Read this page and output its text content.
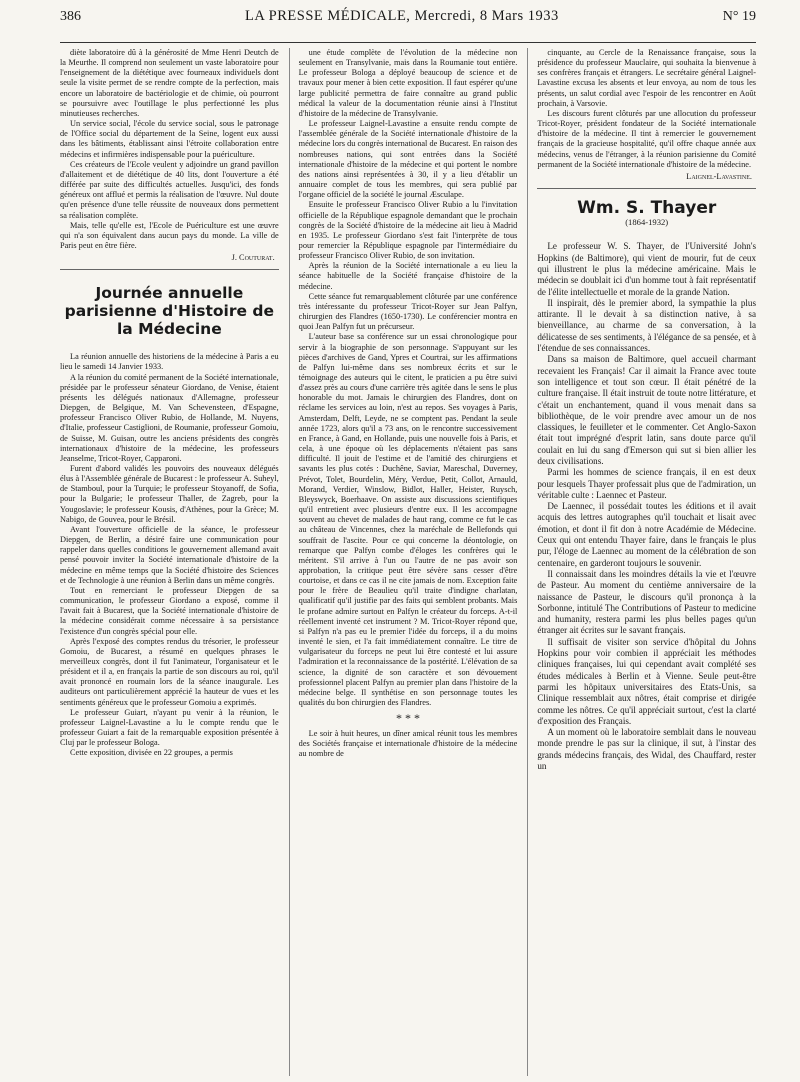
386	LA PRESSE MÉDICALE, Mercredi, 8 Mars 1933	N° 19

diète laboratoire dû à la générosité de Mme Henri Deutch de la Meurthe. Il comprend non seulement un vaste laboratoire pour l'enseignement de la diététique avec fourneaux individuels dont seule la visite permet de se rendre compte de la perfection, mais encore un laboratoire de bactériologie et de chimie, où pourront se poursuivre avec l'outillage le plus perfectionné les plus minutieuses recherches.

Un service social, l'école du service social, sous le patronage de l'Office social du département de la Seine, logent eux aussi dans les bâtiments, établissant ainsi l'étroite collaboration entre médecins et infirmières indispensable pour la puériculture.

Ces créateurs de l'Ecole veulent y adjoindre un grand pavillon d'allaitement et de diététique de 40 lits, dont l'ouverture a été différée par suite des difficultés actuelles. Jusqu'ici, des fonds généreux ont afflué et permis la réalisation de l'œuvre. Nul doute qu'en présence d'une telle réussite de nouveaux dons permettent sa réalisation complète.

Mais, telle qu'elle est, l'Ecole de Puériculture est une œuvre qui n'a son équivalent dans aucun pays du monde. La ville de Paris peut en être fière.

J. Couturat.

Journée annuelle parisienne d'Histoire de la Médecine

La réunion annuelle des historiens de la médecine à Paris a eu lieu le samedi 14 Janvier 1933.

A la réunion du comité permanent de la Société internationale, présidée par le professeur sénateur Giordano, de Venise, étaient présents les délégués nationaux d'Allemagne, professeur Diepgen, de Belgique, M. Van Schevensteen, d'Espagne, professeur Francisco Oliver Rubio, de Hollande, M. Nuyens, d'Italie, professeur Castiglioni, de Roumanie, professeur Gomoiu, de Suisse, M. Guisan, outre les anciens présidents des congrès internationaux d'histoire de la médecine, les professeurs Jeanselme, Tricot-Royer, Capparoni.

Furent d'abord validés les pouvoirs des nouveaux délégués élus à l'Assemblée générale de Bucarest : le professeur A. Suheyl, de Stamboul, pour la Turquie; le professeur Stoyanoff, de Sofia, pour la Bulgarie; le professeur Thaller, de Zagreb, pour la Yougoslavie; le professeur Kousis, d'Athènes, pour la Grèce; M. Nabigo, de Gouvea, pour le Brésil.

Avant l'ouverture officielle de la séance, le professeur Diepgen, de Berlin, a désiré faire une communication pour rappeler dans quelles conditions le gouvernement allemand avait pensé pouvoir inviter la Société internationale d'histoire de la médecine en même temps que la Société d'histoire des Sciences et de Technologie à une réunion à Berlin dans un même congrès.

Tout en remerciant le professeur Diepgen de sa communication, le professeur Giordano a exposé, comme il l'avait fait à Bucarest, que la Société internationale d'histoire de la médecine considérait comme nécessaire à sa persistance l'existence d'un congrès spécial pour elle.

Après l'exposé des comptes rendus du trésorier, le professeur Gomoiu, de Bucarest, a résumé en quelques phrases le merveilleux congrès, dont il fut l'animateur, l'organisateur et le président et il a, en français la partie de son discours au roi, qu'il avait prononcé en roumain lors de la séance inaugurale. Les auditeurs ont particulièrement apprécié la hauteur de vues et les sentiments généreux que le professeur Gomoiu a exprimés.

Le professeur Guiart, n'ayant pu venir à la réunion, le professeur Laignel-Lavastine a lu le compte rendu que le professeur Guiart a fait de la remarquable exposition présentée à Cluj par le professeur Bologa.

Cette exposition, divisée en 22 groupes, a permis

une étude complète de l'évolution de la médecine non seulement en Transylvanie, mais dans la Roumanie tout entière. Le professeur Bologa a déployé beaucoup de science et de travaux pour mener à bien cette exposition. Il faut espérer qu'une large publicité permettra de faire connaître au grand public médical la valeur de la documentation réunie ainsi à l'Institut d'histoire de la médecine de Transylvanie.

Le professeur Laignel-Lavastine a ensuite rendu compte de l'assemblée générale de la Société internationale d'histoire de la médecine lors du congrès international de Bucarest. En raison des nombreuses nations, qui sont entrées dans la Société internationale d'histoire de la médecine et qui portent le nombre des nations ainsi représentées à 30, il y a lieu d'établir un annuaire complet de tous les membres, qui sera publié par l'organe officiel de la société le journal Æsculape.

Ensuite le professeur Francisco Oliver Rubio a lu l'invitation officielle de la République espagnole demandant que le prochain congrès de la Société d'histoire de la médecine ait lieu à Madrid en 1935. Le professeur Giordano s'est fait l'interprète de tous pour remercier la République espagnole par l'intermédiaire du professeur Francisco Oliver Rubio, de son invitation.

Après la réunion de la Société internationale a eu lieu la séance habituelle de la Société française d'histoire de la médecine.

Cette séance fut remarquablement clôturée par une conférence très intéressante du professeur Tricot-Royer sur Jean Palfyn, chirurgien des Flandres (1650-1730). Le conférencier montra en quoi Jean Palfyn fut un précurseur.

L'auteur base sa conférence sur un essai chronologique pour servir à la biographie de son personnage. S'appuyant sur les pièces d'archives de Gand, Ypres et Courtrai, sur les affirmations de Palfyn lui-même dans ses nombreux écrits et sur le témoignage des auteurs qui le citent, le praticien a pu être suivi d'assez près au cours d'une carrière très agitée dans le sens le plus honorable du mot. Jamais le chirurgien des Flandres, dont on réclame les services au loin, n'est au repos. Ses voyages à Paris, Amsterdam, Delft, Leyde, ne se comptent pas. Pendant la seule année 1723, alors qu'il a 73 ans, on le rencontre successivement en France, à Gand, en Hollande, puis une nouvelle fois à Paris, et cela, à une époque où les déplacements n'étaient pas sans difficulté. Il jouit de l'estime et de l'amitié des chirurgiens et savants les plus cotés : Duchêne, Saviar, Mareschal, Duverney, Prévot, Tolet, Bourdelin, Méry, Verdue, Petit, Collot, Arnauld, Morand, Verdier, Winslow, Bidlot, Haller, Heister, Ruysch, Bleyswyck, Boerhaave. On assiste aux discussions scientifiques qu'il entretient avec plusieurs d'entre eux. Il les accompagne souvent au chevet de malades de haut rang, comme ce fut le cas au château de Vincennes, chez la maréchale de Bellefonds qui souffrait de l'ascite. Pour ce qui concerne la déontologie, on remarque que Palfyn combe d'éloges les confrères qui le méritent. S'il arrive à l'un ou l'autre de ne pas avoir son approbation, la critique peut être sévère sans cesser d'être courtoise, et dans ce cas il ne cite jamais de nom. Exception faite pour le frère de Beaulieu qu'il traite d'indigne charlatan, qualificatif qu'il justifie par des faits qui semblent probants. Mais le profane admire surtout en Palfyn le créateur du forceps. A-t-il réellement inventé cet instrument ? M. Tricot-Royer répond que, si Palfyn n'a pas eu le premier l'idée du forceps, il a du moins inventé le sien, et l'a fait immédiatement connaître. Le titre de vulgarisateur du forceps ne peut lui être contesté et lui assure l'admiration et la reconnaissance de la postérité. L'élévation de sa science, la dignité de son caractère et son dévouement professionnel placent Palfyn au premier plan dans l'histoire de la médecine belge. Il synthétise en son personnage toutes les qualités du bon chirurgien des Flandres.

* * *

Le soir à huit heures, un dîner amical réunit tous les membres des Sociétés française et internationale d'histoire de la médecine au nombre de

cinquante, au Cercle de la Renaissance française, sous la présidence du professeur Mauclaire, qui souhaita la bienvenue à ses confrères français et étrangers. Le secrétaire général Laignel-Lavastine excusa les absents et leur envoya, au nom de tous les présents, un salut cordial avec l'espoir de les rencontrer en Août prochain, à Varsovie.

Les discours furent clôturés par une allocution du professeur Tricot-Royer, président fondateur de la Société internationale d'histoire de la médecine. Il tint à remercier le gouvernement français de la gracieuse hospitalité, qu'il offre chaque année aux médecins, venus de l'étranger, à la réunion parisienne du Comité permanent de la Société internationale d'histoire de la médecine.

Laignel-Lavastine.

Wm. S. Thayer
(1864-1932)

Le professeur W. S. Thayer, de l'Université John's Hopkins (de Baltimore), qui vient de mourir, fut de ceux qui illustrent le plus la médecine américaine. Mais le médecin se doublait ici d'un homme tout à fait représentatif de l'élite intellectuelle et morale de la grande Nation.

Il inspirait, dès le premier abord, la sympathie la plus attirante. Il le devait à sa distinction native, à sa bienveillance, au charme de sa conversation, à la délicatesse de ses sentiments, à l'élégance de sa pensée, et à l'étendue de ses connaissances.

Dans sa maison de Baltimore, quel accueil charmant recevaient les Français! Car il aimait la France avec toute son intelligence et tout son cœur. Il était pénétré de la culture française. Il était instruit de toute notre littérature, et c'était un enchantement, quand il vous menait dans sa bibliothèque, de le voir prendre avec amour un de nos classiques, le feuilleter et le commenter. Cet Anglo-Saxon était tout imprégné d'esprit latin, sans doute parce qu'il coulait en lui du sang d'Emerson qui sut si bien allier les deux civilisations.

Parmi les hommes de science français, il en est deux pour lesquels Thayer professait plus que de l'admiration, un véritable culte : Laennec et Pasteur.

De Laennec, il possédait toutes les éditions et il avait acquis des lettres autographes qu'il touchait et lisait avec émotion, et dont il fit don à notre Académie de Médecine. Ceux qui ont entendu Thayer faire, dans le français le plus pur, l'éloge de Laennec au moment de la célébration de son centenaire, en garderont toujours le souvenir.

Il connaissait dans les moindres détails la vie et l'œuvre de Pasteur. Au moment du centième anniversaire de la naissance de Pasteur, le discours qu'il prononça à la Sorbonne, intitulé The Contributions of Pasteur to medicine and humanity, restera parmi les plus belles pages qu'un étranger ait écrites sur le savant français.

Il suffisait de visiter son service d'hôpital du Johns Hopkins pour voir combien il appréciait les méthodes cliniques françaises, lui qui cependant avait complété ses études médicales à Berlin et à Vienne. Seule peut-être parmi les hôpitaux universitaires des Etats-Unis, sa Clinique ressemblait aux nôtres, était comprise et dirigée comme les nôtres. Ce qu'il appréciait surtout, c'est la clarté d'exposition des Français.

A un moment où le laboratoire semblait dans le nouveau monde prendre le pas sur la clinique, il sut, à l'instar des grands médecins français, des Widal, des Chauffard, rester un
